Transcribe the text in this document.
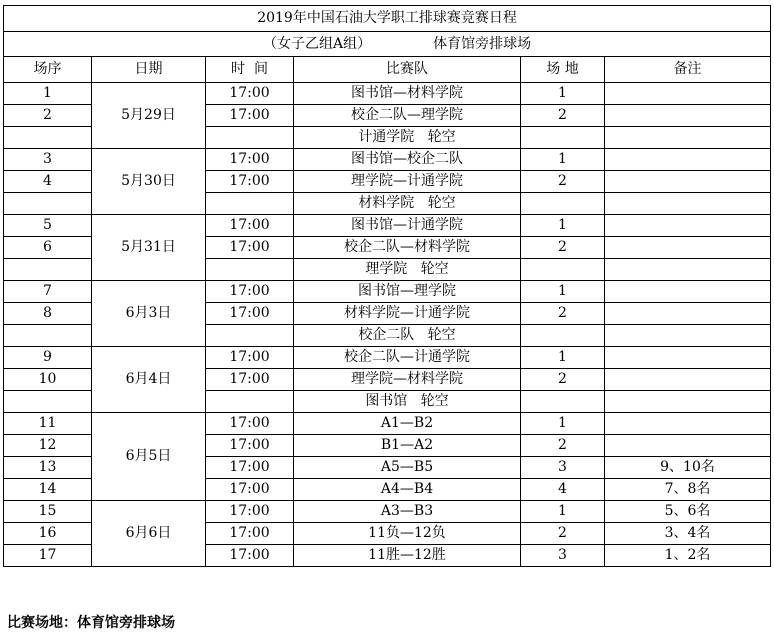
2019年中国石油大学职工排球赛竞赛日程					
（女子乙组A组） 体育馆旁排球场					
场序	日期	时  间	比赛队	场 地	备注
1	5月29日	17:00	图书馆—材料学院	1	
2		17:00	校企二队—理学院	2	
			计通学院   轮空		
3	5月30日	17:00	图书馆—校企二队	1	
4		17:00	理学院—计通学院	2	
			材料学院   轮空		
5	5月31日	17:00	图书馆—计通学院	1	
6		17:00	校企二队—材料学院	2	
			理学院   轮空		
7	6月3日	17:00	图书馆—理学院	1	
8		17:00	材料学院—计通学院	2	
			校企二队   轮空		
9	6月4日	17:00	校企二队—计通学院	1	
10		17:00	理学院—材料学院	2	
			图书馆   轮空		
11	6月5日	17:00	A1—B2	1	
12		17:00	B1—A2	2	
13		17:00	A5—B5	3	9、10名
14		17:00	A4—B4	4	7、8名
15	6月6日	17:00	A3—B3	1	5、6名
16		17:00	11负—12负	2	3、4名
17		17:00	11胜—12胜	3	1、2名
比赛场地：体育馆旁排球场
